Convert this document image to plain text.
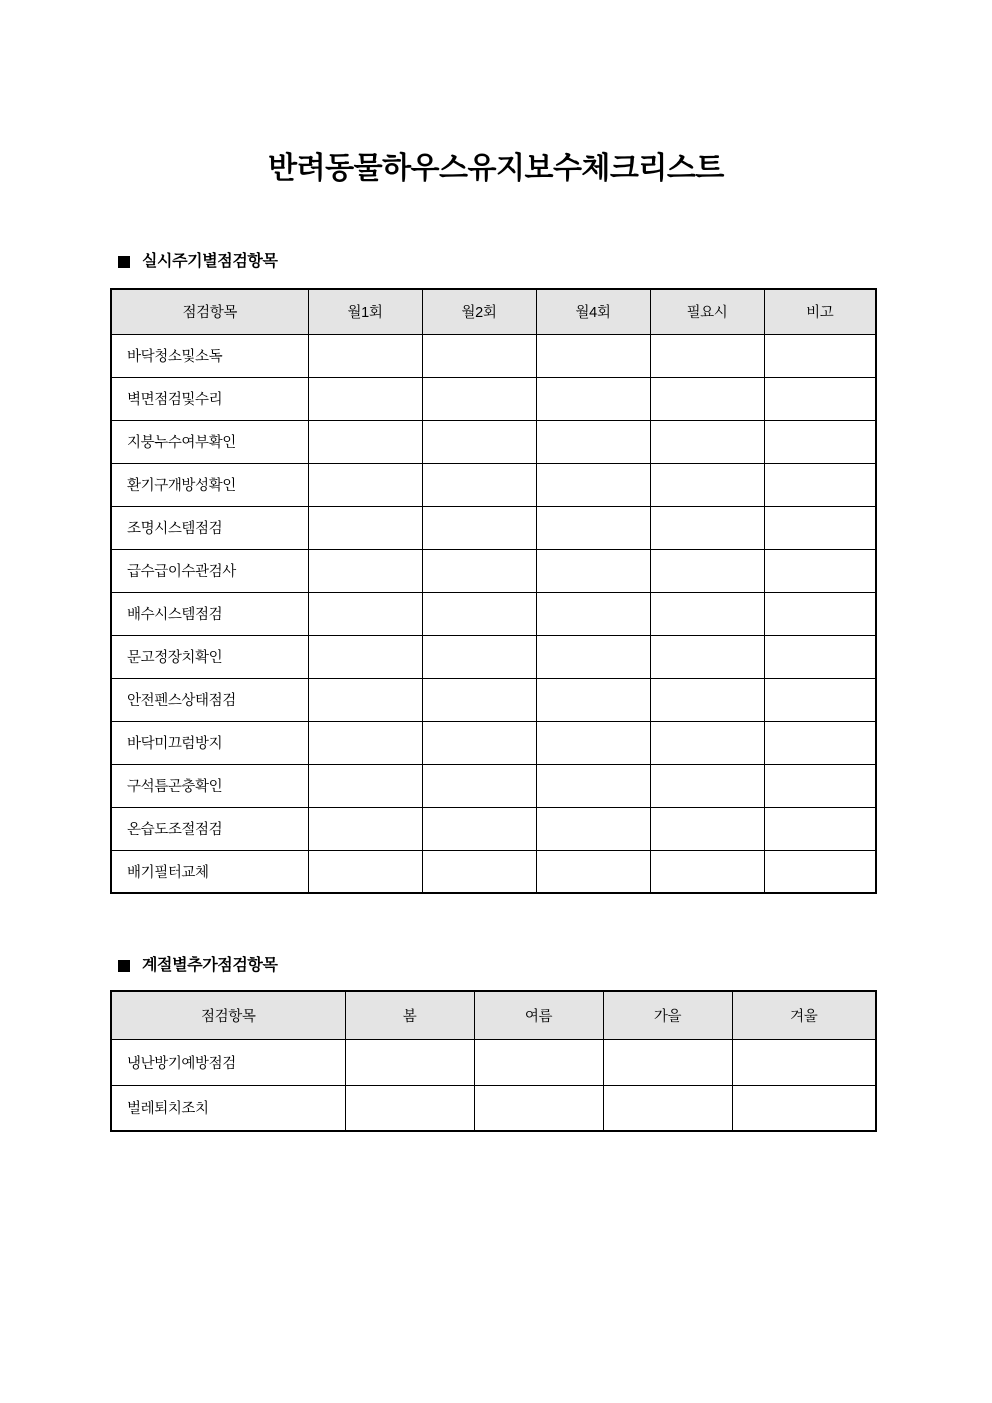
반려동물하우스유지보수체크리스트
실시주기별점검항목
점검항목	월1회	월2회	월4회	필요시	비고
바닥청소및소독					
벽면점검및수리					
지붕누수여부확인					
환기구개방성확인					
조명시스템점검					
급수급이수관검사					
배수시스템점검					
문고정장치확인					
안전펜스상태점검					
바닥미끄럼방지					
구석틈곤충확인					
온습도조절점검					
배기필터교체					
계절별추가점검항목
점검항목	봄	여름	가을	겨울
냉난방기예방점검				
벌레퇴치조치				
